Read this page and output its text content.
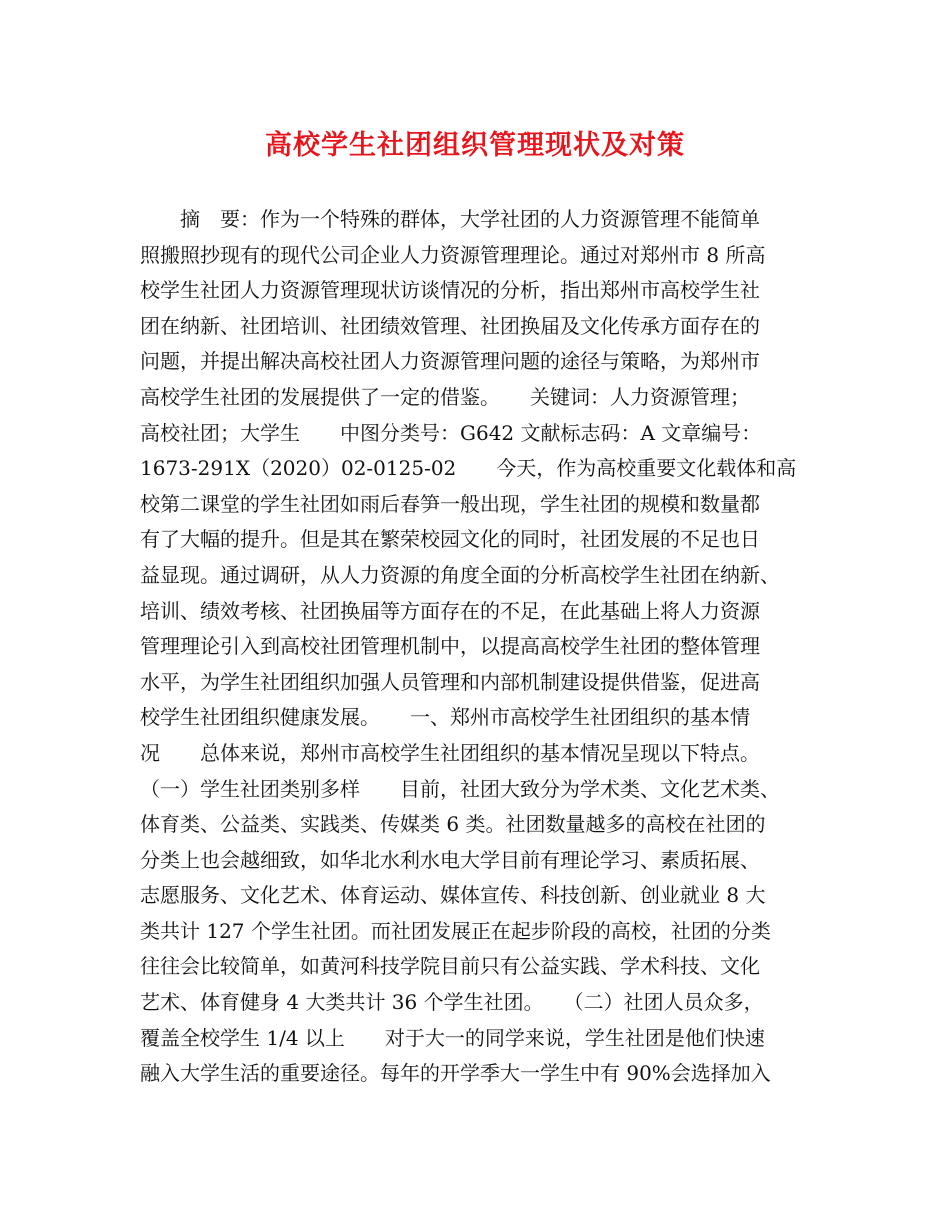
高校学生社团组织管理现状及对策
　　摘　要：作为一个特殊的群体，大学社团的人力资源管理不能简单
照搬照抄现有的现代公司企业人力资源管理理论。通过对郑州市 8 所高
校学生社团人力资源管理现状访谈情况的分析，指出郑州市高校学生社
团在纳新、社团培训、社团绩效管理、社团换届及文化传承方面存在的
问题，并提出解决高校社团人力资源管理问题的途径与策略，为郑州市
高校学生社团的发展提供了一定的借鉴。　　关键词：人力资源管理；
高校社团；大学生　　中图分类号：G642 文献标志码：A 文章编号：
1673-291X（2020）02-0125-02　　今天，作为高校重要文化载体和高
校第二课堂的学生社团如雨后春笋一般出现，学生社团的规模和数量都
有了大幅的提升。但是其在繁荣校园文化的同时，社团发展的不足也日
益显现。通过调研，从人力资源的角度全面的分析高校学生社团在纳新、
培训、绩效考核、社团换届等方面存在的不足，在此基础上将人力资源
管理理论引入到高校社团管理机制中，以提高高校学生社团的整体管理
水平，为学生社团组织加强人员管理和内部机制建设提供借鉴，促进高
校学生社团组织健康发展。　　一、郑州市高校学生社团组织的基本情
况　　总体来说，郑州市高校学生社团组织的基本情况呈现以下特点。
（一）学生社团类别多样　　目前，社团大致分为学术类、文化艺术类、
体育类、公益类、实践类、传媒类 6 类。社团数量越多的高校在社团的
分类上也会越细致，如华北水利水电大学目前有理论学习、素质拓展、
志愿服务、文化艺术、体育运动、媒体宣传、科技创新、创业就业 8 大
类共计 127 个学生社团。而社团发展正在起步阶段的高校，社团的分类
往往会比较简单，如黄河科技学院目前只有公益实践、学术科技、文化
艺术、体育健身 4 大类共计 36 个学生社团。　　（二）社团人员众多，
覆盖全校学生 1/4 以上　　对于大一的同学来说，学生社团是他们快速
融入大学生活的重要途径。每年的开学季大一学生中有 90%会选择加入
